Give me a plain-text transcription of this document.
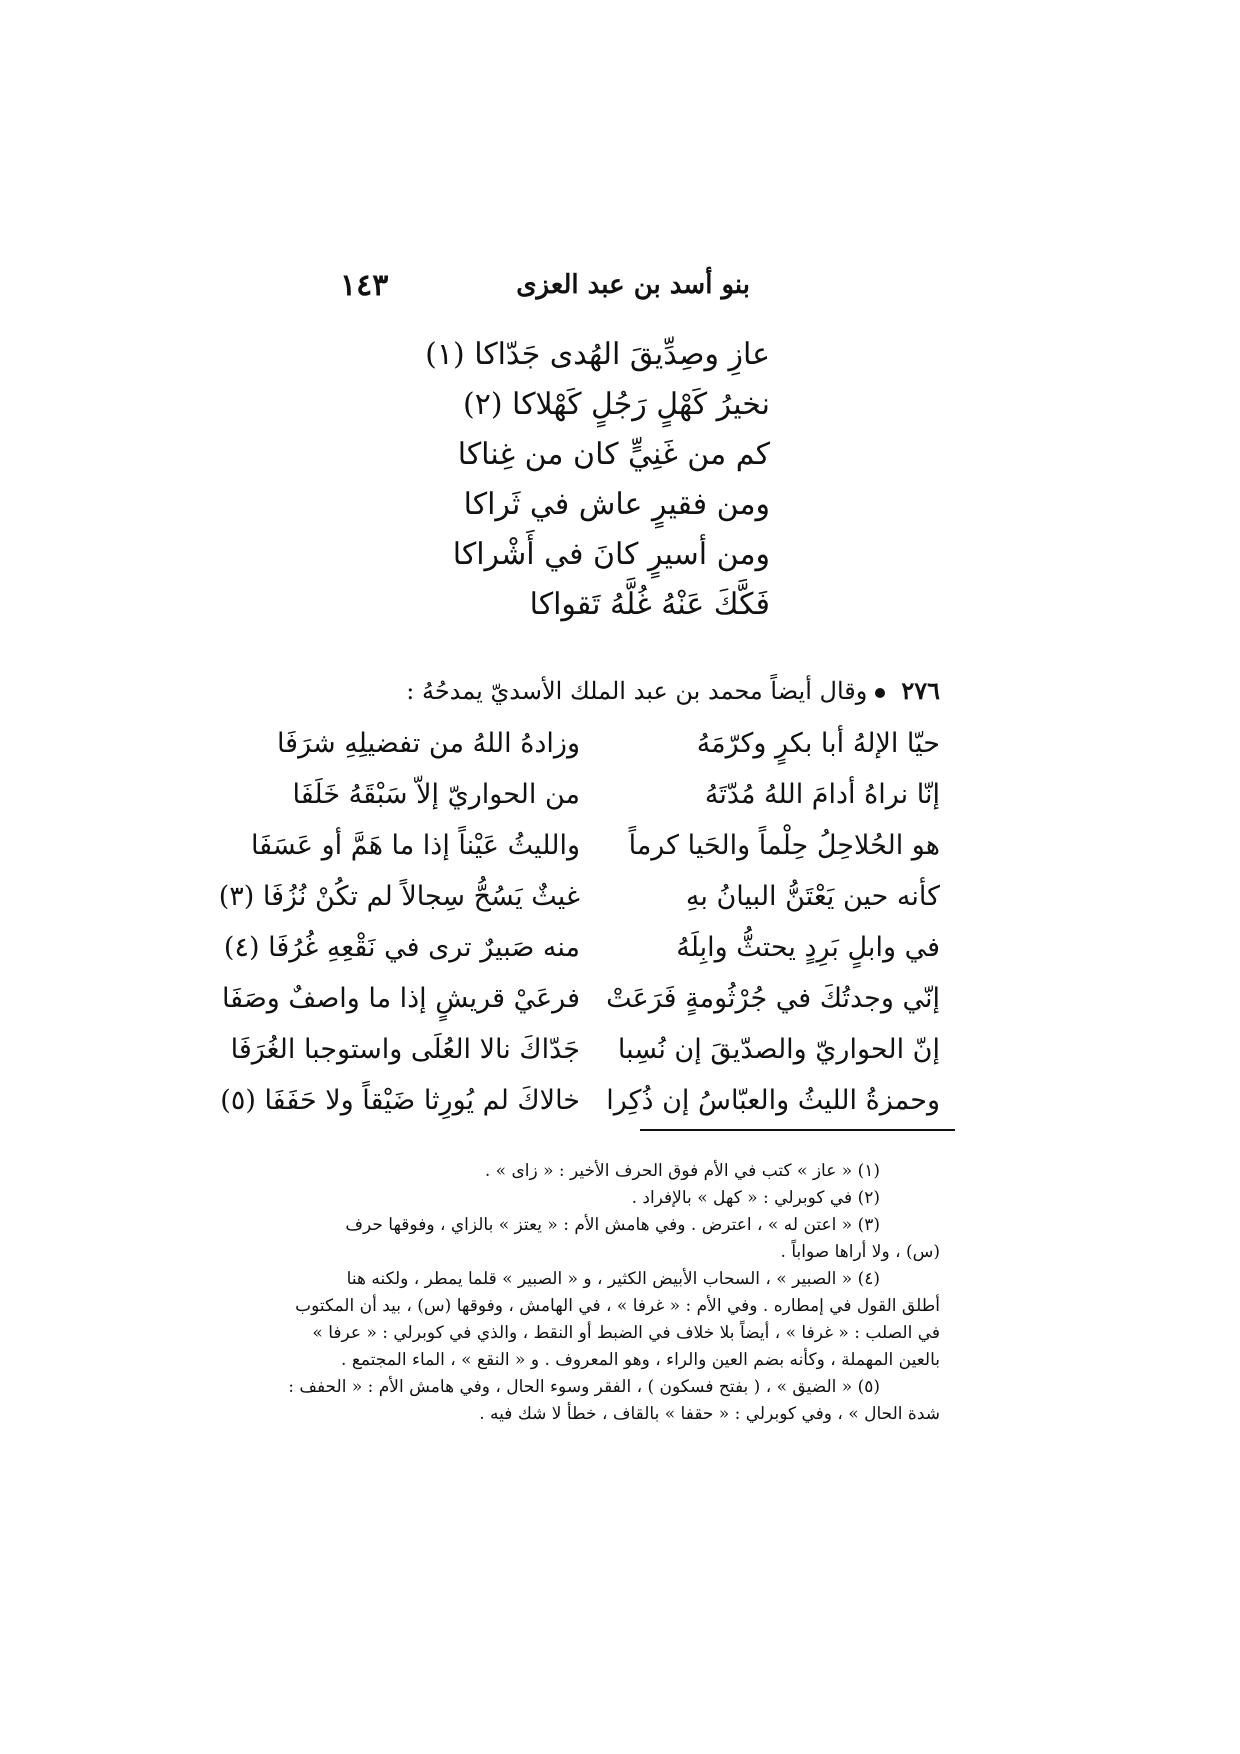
١٤٣	بنو أسد بن عبد العزى
عازِ وصِدِّيقَ الهُدى جَدّاكا (١)
نخيرُ كَهْلٍ رَجُلٍ كَهْلاكا (٢)
كم من غَنِيٍّ كان من غِناكا
ومن فقيرٍ عاش في ثَراكا
ومن أسيرٍ كانَ في أَشْراكا
فَكَّكَ عَنْهُ غُلَّهُ تَقواكا
٢٧٦وقال أيضاً محمد بن عبد الملك الأسديّ يمدحُهُ :
حيّا الإلهُ أبا بكرٍ وكرّمَهُ
وزادهُ اللهُ من تفضيلِهِ شرَفَا
إنّا نراهُ أدامَ اللهُ مُدّتَهُ
من الحواريّ إلاّ سَبْقَهُ خَلَفَا
هو الحُلاحِلُ حِلْماً والحَيا كرماً
والليثُ عَيْناً إذا ما هَمَّ أو عَسَفَا
كأنه حين يَعْتَنُّ البيانُ بهِ
غيثٌ يَسُحُّ سِجالاً لم تكُنْ نُزُفَا (٣)
في وابلٍ بَرِدٍ يحتثُّ وابِلَهُ
منه صَبيرٌ ترى في نَقْعِهِ غُرُفَا (٤)
إنّي وجدتُكَ في جُرْثُومةٍ فَرَعَتْ
فرعَيْ قريشٍ إذا ما واصفٌ وصَفَا
إنّ الحواريّ والصدّيقَ إن نُسِبا
جَدّاكَ نالا العُلَى واستوجبا الغُرَفَا
وحمزةُ الليثُ والعبّاسُ إن ذُكِرا
خالاكَ لم يُورِثا ضَيْقاً ولا حَفَفَا (٥)
(١) « عاز » كتب في الأم فوق الحرف الأخير : « زاى » .
(٢) في كوبرلي : « كهل » بالإفراد .
(٣) « اعتن له » ، اعترض . وفي هامش الأم : « يعتز » بالزاي ، وفوقها حرف
(س) ، ولا أراها صواباً .
(٤) « الصبير » ، السحاب الأبيض الكثير ، و « الصبير » قلما يمطر ، ولكنه هنا
أطلق القول في إمطاره . وفي الأم : « غرفا » ، في الهامش ، وفوقها (س) ، بيد أن المكتوب
في الصلب : « غرفا » ، أيضاً بلا خلاف في الضبط أو النقط ، والذي في كوبرلي : « عرفا »
بالعين المهملة ، وكأنه بضم العين والراء ، وهو المعروف . و « النقع » ، الماء المجتمع .
(٥) « الضيق » ، ( بفتح فسكون ) ، الفقر وسوء الحال ، وفي هامش الأم : « الحفف :
شدة الحال » ، وفي كوبرلي : « حقفا » بالقاف ، خطأ لا شك فيه .
